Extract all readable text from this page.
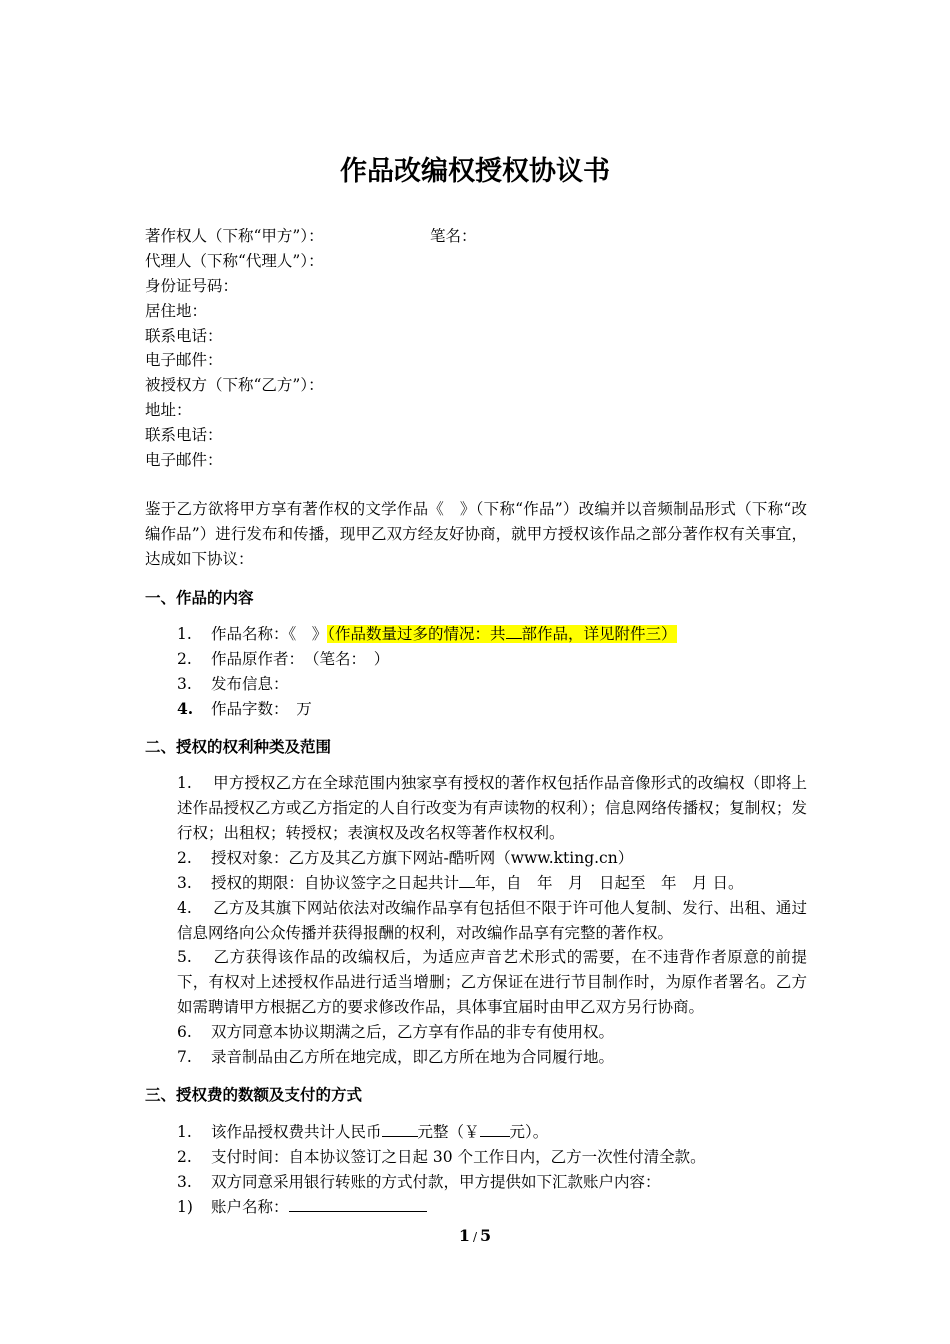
作品改编权授权协议书
著作权人（下称“甲方”）：	笔名：
代理人（下称“代理人”）：
身份证号码：
居住地：
联系电话：
电子邮件：
被授权方（下称“乙方”）：
地址：
联系电话：
电子邮件：
鉴于乙方欲将甲方享有著作权的文学作品《　》（下称“作品”）改编并以音频制品形式（下称“改编作品”）进行发布和传播，现甲乙双方经友好协商，就甲方授权该作品之部分著作权有关事宜，达成如下协议：
一、作品的内容
1. 作品名称：《　》（作品数量过多的情况：共 部作品，详见附件三）
2. 作品原作者：　（笔名：　）
3. 发布信息：
4. 作品字数：　万
二、授权的权利种类及范围
1. 甲方授权乙方在全球范围内独家享有授权的著作权包括作品音像形式的改编权（即将上述作品授权乙方或乙方指定的人自行改变为有声读物的权利）；信息网络传播权；复制权；发行权；出租权；转授权；表演权及改名权等著作权权利。
2. 授权对象：乙方及其乙方旗下网站-酷听网（www.kting.cn）
3. 授权的期限：自协议签字之日起共计 年，自　年　月　日起至　年　月 日。
4. 乙方及其旗下网站依法对改编作品享有包括但不限于许可他人复制、发行、出租、通过信息网络向公众传播并获得报酬的权利，对改编作品享有完整的著作权。
5. 乙方获得该作品的改编权后，为适应声音艺术形式的需要，在不违背作者原意的前提下，有权对上述授权作品进行适当增删；乙方保证在进行节目制作时，为原作者署名。乙方如需聘请甲方根据乙方的要求修改作品，具体事宜届时由甲乙双方另行协商。
6. 双方同意本协议期满之后，乙方享有作品的非专有使用权。
7. 录音制品由乙方所在地完成，即乙方所在地为合同履行地。
三、授权费的数额及支付的方式
1. 该作品授权费共计人民币 元整（￥ 元）。
2. 支付时间：自本协议签订之日起 30 个工作日内，乙方一次性付清全款。
3. 双方同意采用银行转账的方式付款，甲方提供如下汇款账户内容：
1) 账户名称：
1 / 5
